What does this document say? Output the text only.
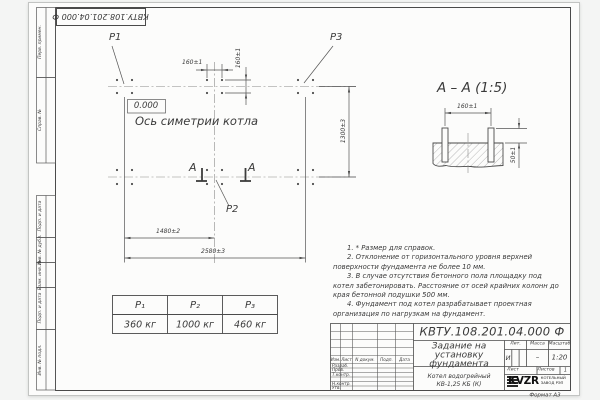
КВТУ.108.201.04.000 Ф
Перв. примен.
Справ. №
Подп. и дата
Инв. № дубл.
Взам. инв. №
Подп. и дата
Инв. № подл.
P1	P3
P2
0.000
Ось симетрии котла
А	А
160±1	160±1
1300±3
1480±2
2580±3
А – А (1:5)
160±1
50±1

1. * Размер для справок.

2. Отклонение от горизонтального уровня верхней поверхности фундамента не более 10 мм.

3. В случае отсутствия бетонного пола площадку под котел забетонировать. Расстояние от осей крайних колонн до края бетонной подушки 500 мм.

4. Фундамент под котел разрабатывает проектная организация по нагрузкам на фундамент.

P₁	P₂	P₃
360 кг 1000 кг 460 кг	КВТУ.108.201.04.000 Ф
Задание на
установку
фундамента
Котел водогрейный
КВ-1,25 КБ (К)
Лит. Масса Масштаб
И	– 1:20
Лист	Листов 1
Изм. Лист N докум. Подп. Дата
Разраб.
Пров.
Т.контр.
Н.контр.
Утв.
KVZR КОТЕЛЬНЫЙ
ЗАВОД РЭП
Формат А3
